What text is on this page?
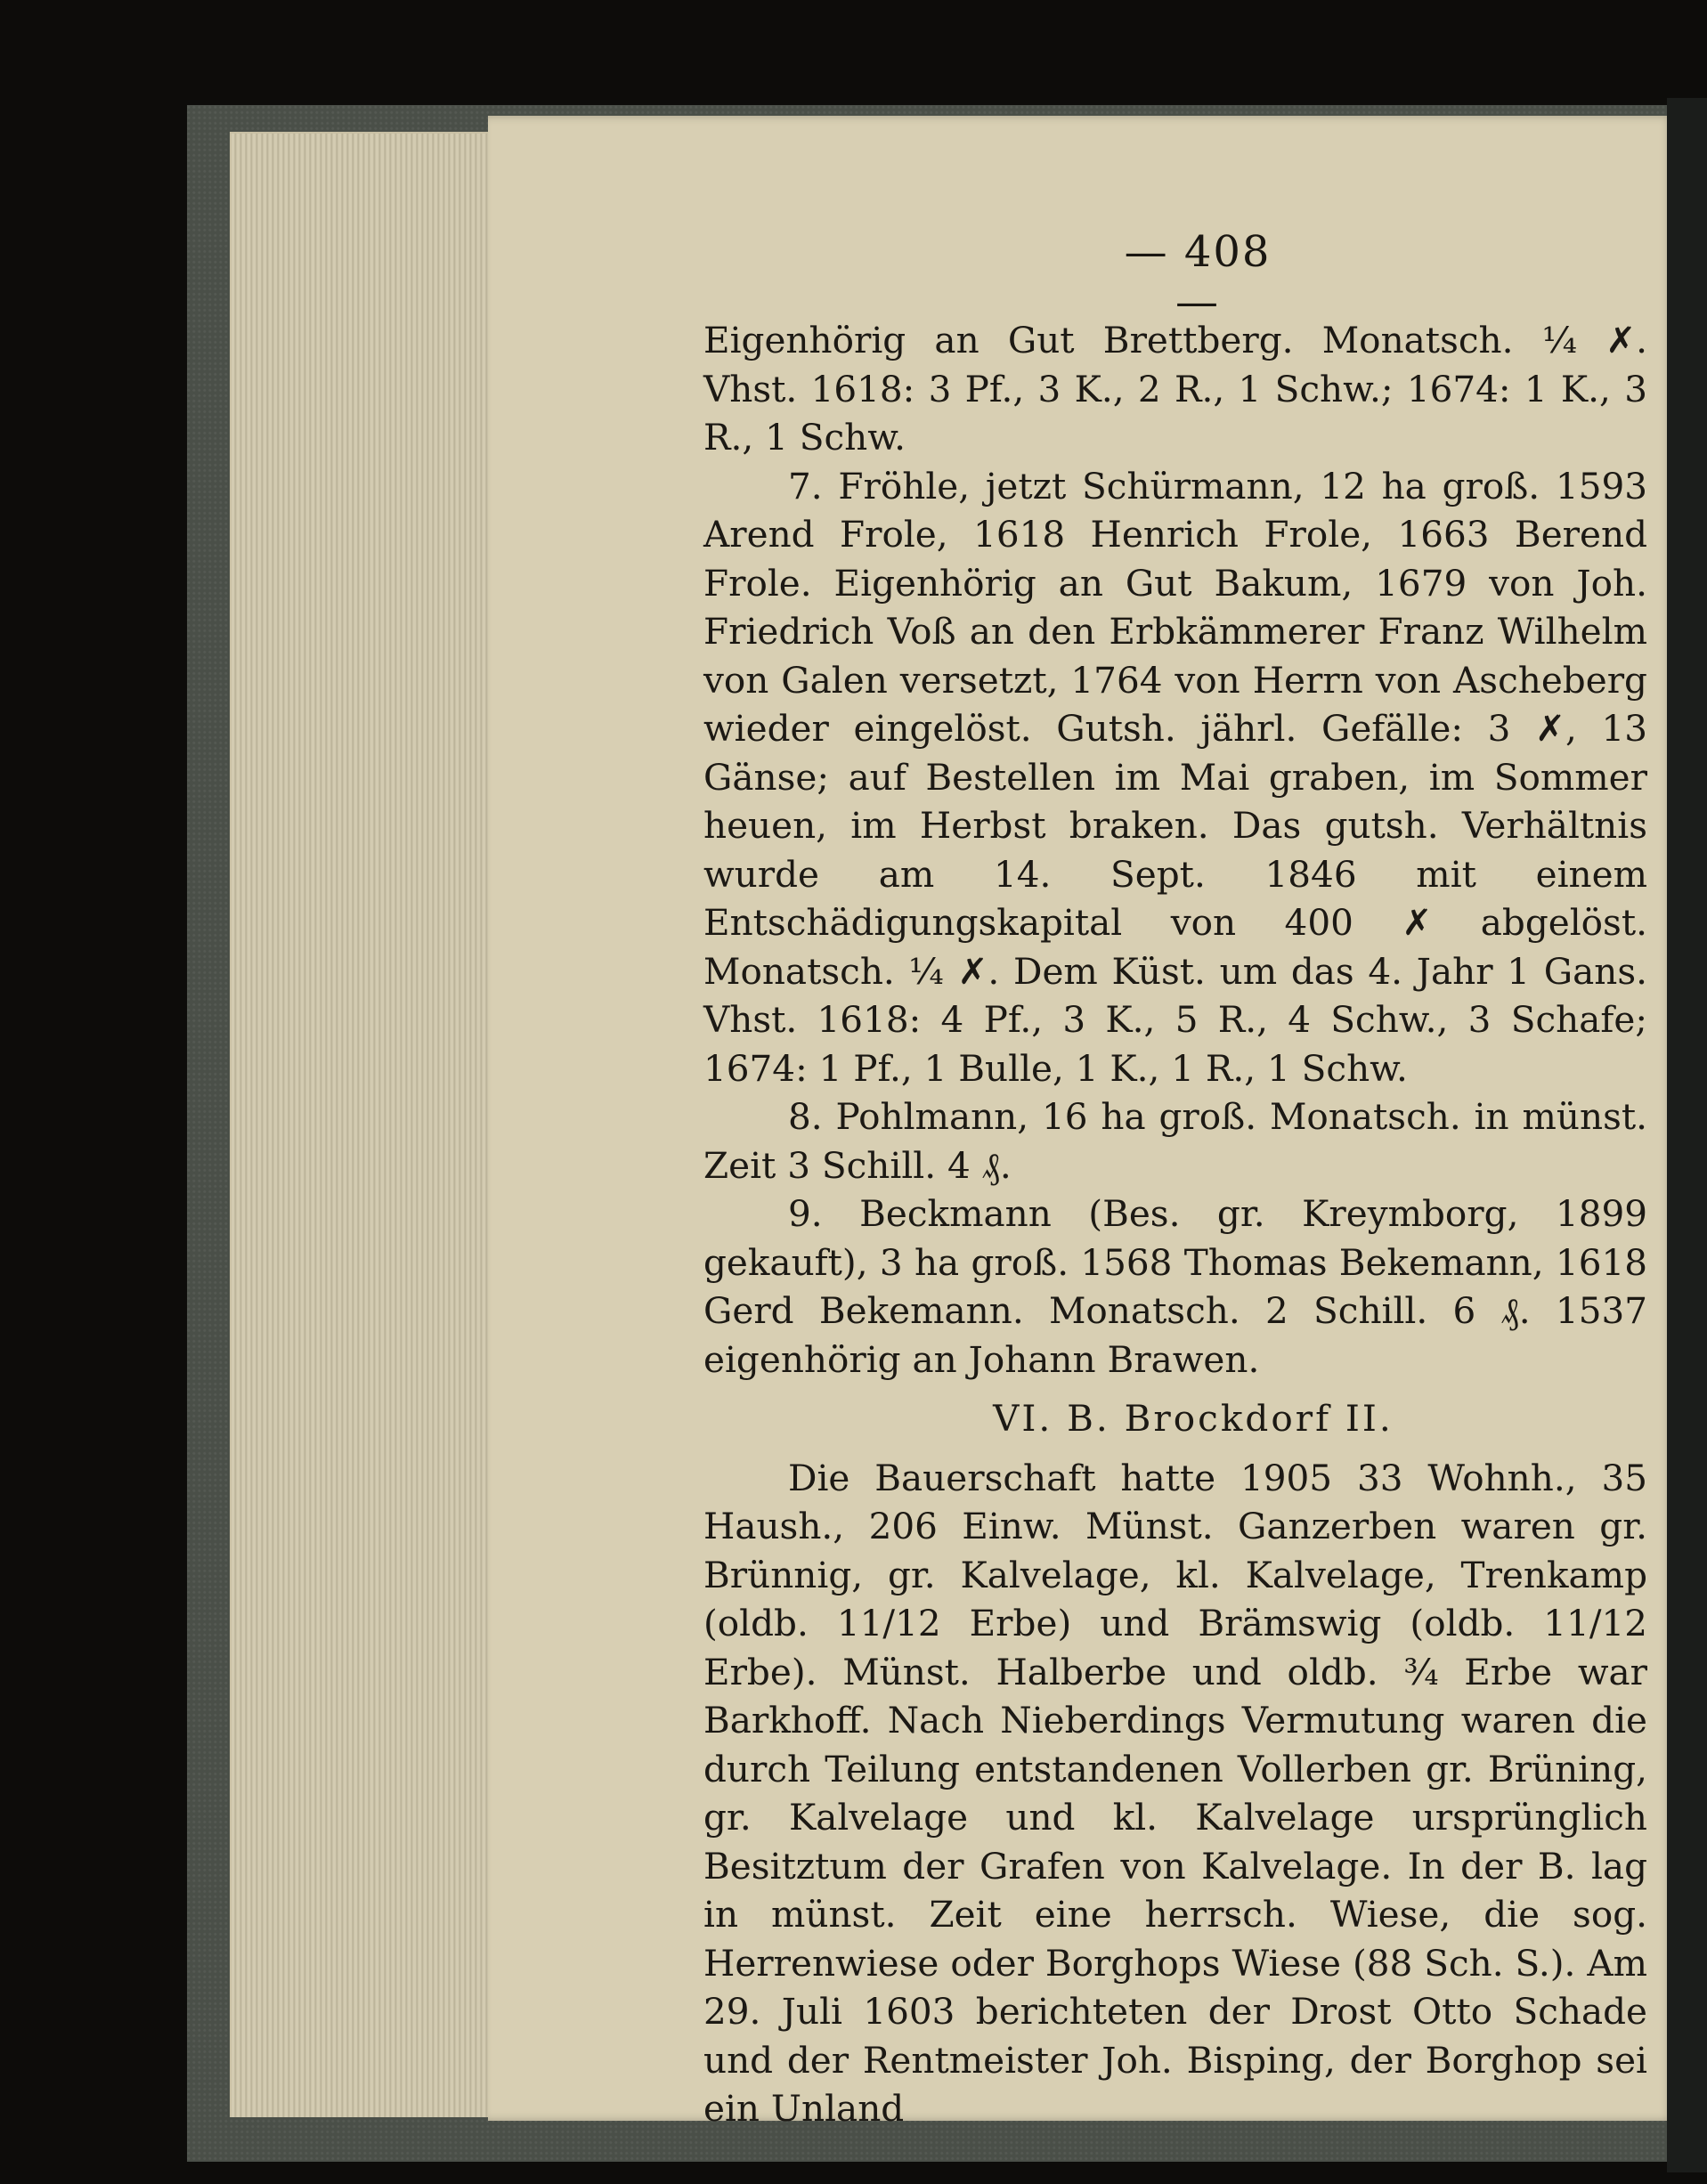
— 408 —

Eigenhörig an Gut Brettberg. Monatsch. ¼ ✗. Vhst. 1618: 3 Pf., 3 K., 2 R., 1 Schw.; 1674: 1 K., 3 R., 1 Schw.

7. Fröhle, jetzt Schürmann, 12 ha groß. 1593 Arend Frole, 1618 Henrich Frole, 1663 Berend Frole. Eigenhörig an Gut Bakum, 1679 von Joh. Friedrich Voß an den Erbkämmerer Franz Wilhelm von Galen versetzt, 1764 von Herrn von Ascheberg wieder eingelöst. Gutsh. jährl. Gefälle: 3 ✗, 13 Gänse; auf Bestellen im Mai graben, im Sommer heuen, im Herbst braken. Das gutsh. Verhältnis wurde am 14. Sept. 1846 mit einem Entschädigungskapital von 400 ✗ abgelöst. Monatsch. ¼ ✗. Dem Küst. um das 4. Jahr 1 Gans. Vhst. 1618: 4 Pf., 3 K., 5 R., 4 Schw., 3 Schafe; 1674: 1 Pf., 1 Bulle, 1 K., 1 R., 1 Schw.

8. Pohlmann, 16 ha groß. Monatsch. in münst. Zeit 3 Schill. 4 ₰.

9. Beckmann (Bes. gr. Kreymborg, 1899 gekauft), 3 ha groß. 1568 Thomas Bekemann, 1618 Gerd Bekemann. Monatsch. 2 Schill. 6 ₰. 1537 eigenhörig an Johann Brawen.

VI. B. Brockdorf II.

Die Bauerschaft hatte 1905 33 Wohnh., 35 Haush., 206 Einw. Münst. Ganzerben waren gr. Brünnig, gr. Kalvelage, kl. Kalvelage, Trenkamp (oldb. 11/12 Erbe) und Brämswig (oldb. 11/12 Erbe). Münst. Halberbe und oldb. ¾ Erbe war Barkhoff. Nach Nieberdings Vermutung waren die durch Teilung entstandenen Vollerben gr. Brüning, gr. Kalvelage und kl. Kalvelage ursprünglich Besitztum der Grafen von Kalvelage. In der B. lag in münst. Zeit eine herrsch. Wiese, die sog. Herrenwiese oder Borghops Wiese (88 Sch. S.). Am 29. Juli 1603 berichteten der Drost Otto Schade und der Rentmeister Joh. Bisping, der Borghop sei ein Unland
